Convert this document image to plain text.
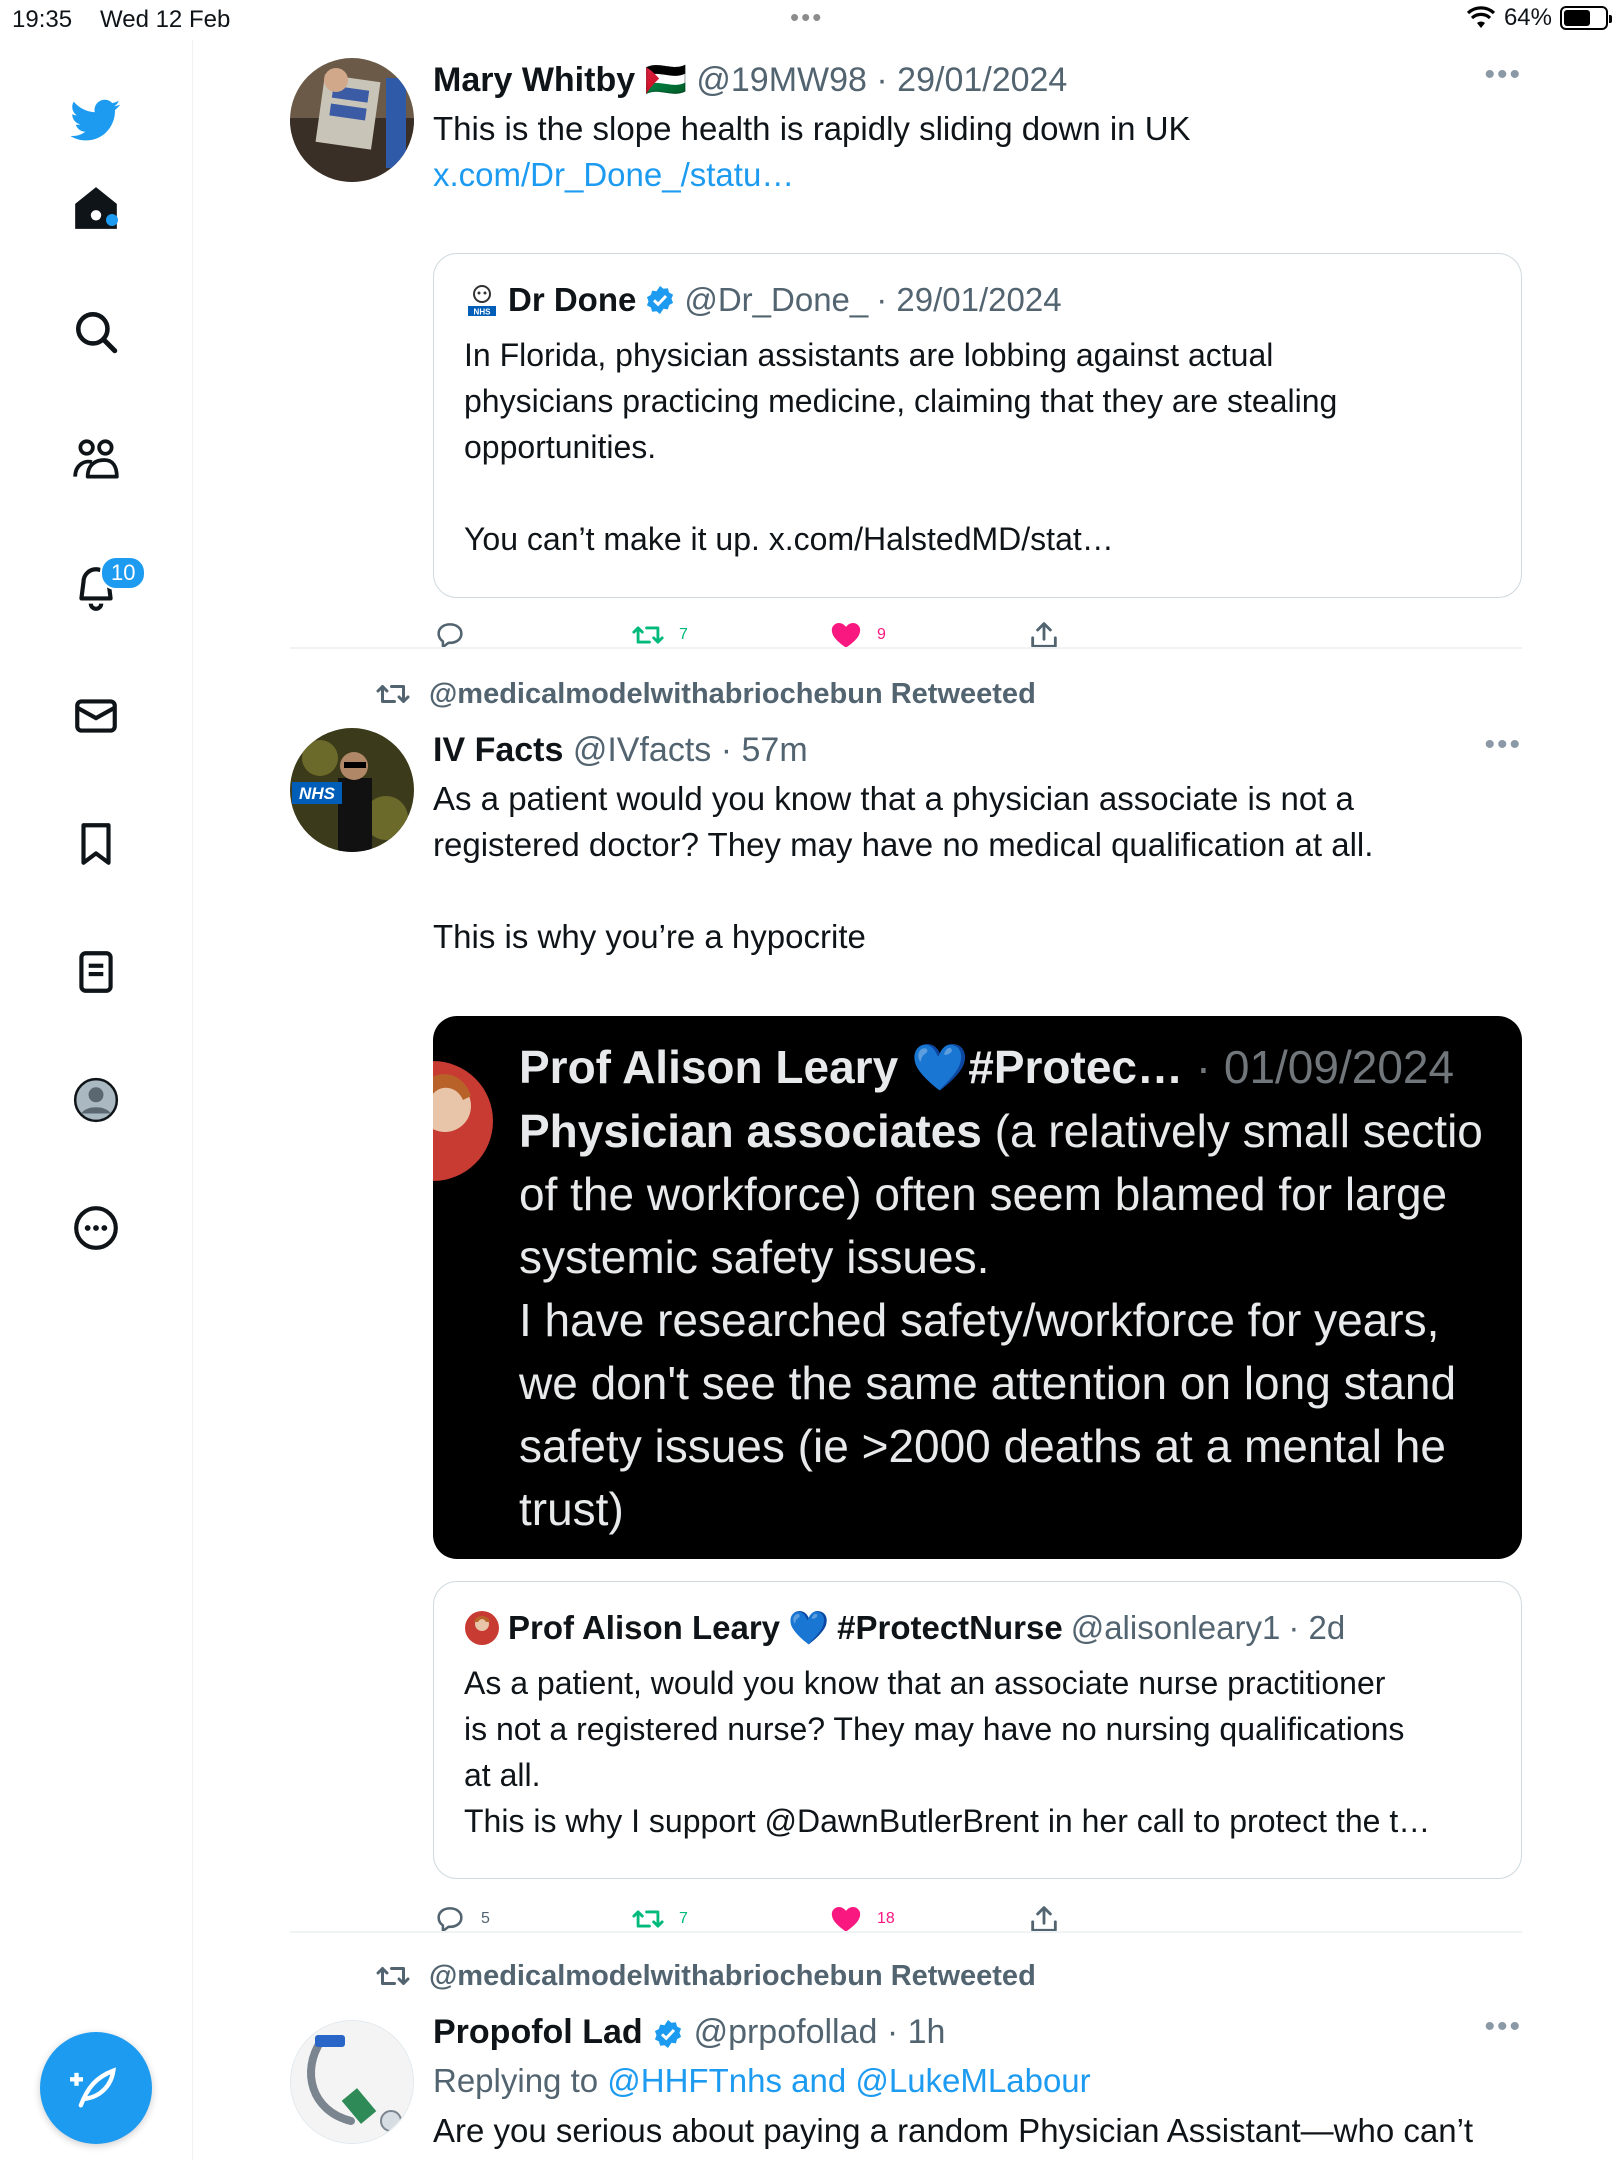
19:35 Wed 12 Feb	•••	64%
10
Mary Whitby 🇵🇸 @19MW98 · 29/01/2024	•••
This is the slope health is rapidly sliding down in UK
x.com/Dr_Done_/statu…
NHS Dr Done @Dr_Done_ · 29/01/2024
In Florida, physician assistants are lobbing against actual
physicians practicing medicine, claiming that they are stealing
opportunities.
You can’t make it up. x.com/HalstedMD/stat…
7	9
@medicalmodelwithabriochebun Retweeted
NHS
IV Facts @IVfacts · 57m	•••
As a patient would you know that a physician associate is not a
registered doctor? They may have no medical qualification at all.
This is why you’re a hypocrite
Prof Alison Leary 💙#Protec… · 01/09/2024
Physician associates (a relatively small sectio
of the workforce) often seem blamed for large
systemic safety issues.
I have researched safety/workforce for years,
we don't see the same attention on long stand
safety issues (ie >2000 deaths at a mental he
trust)
Prof Alison Leary 💙 #ProtectNurse @alisonleary1 · 2d
As a patient, would you know that an associate nurse practitioner
is not a registered nurse? They may have no nursing qualifications
at all.
This is why I support @DawnButlerBrent in her call to protect the t…
5	7	18
@medicalmodelwithabriochebun Retweeted
Propofol Lad @prpofollad · 1h	•••
Replying to @HHFTnhs and @LukeMLabour
Are you serious about paying a random Physician Assistant—who can’t
